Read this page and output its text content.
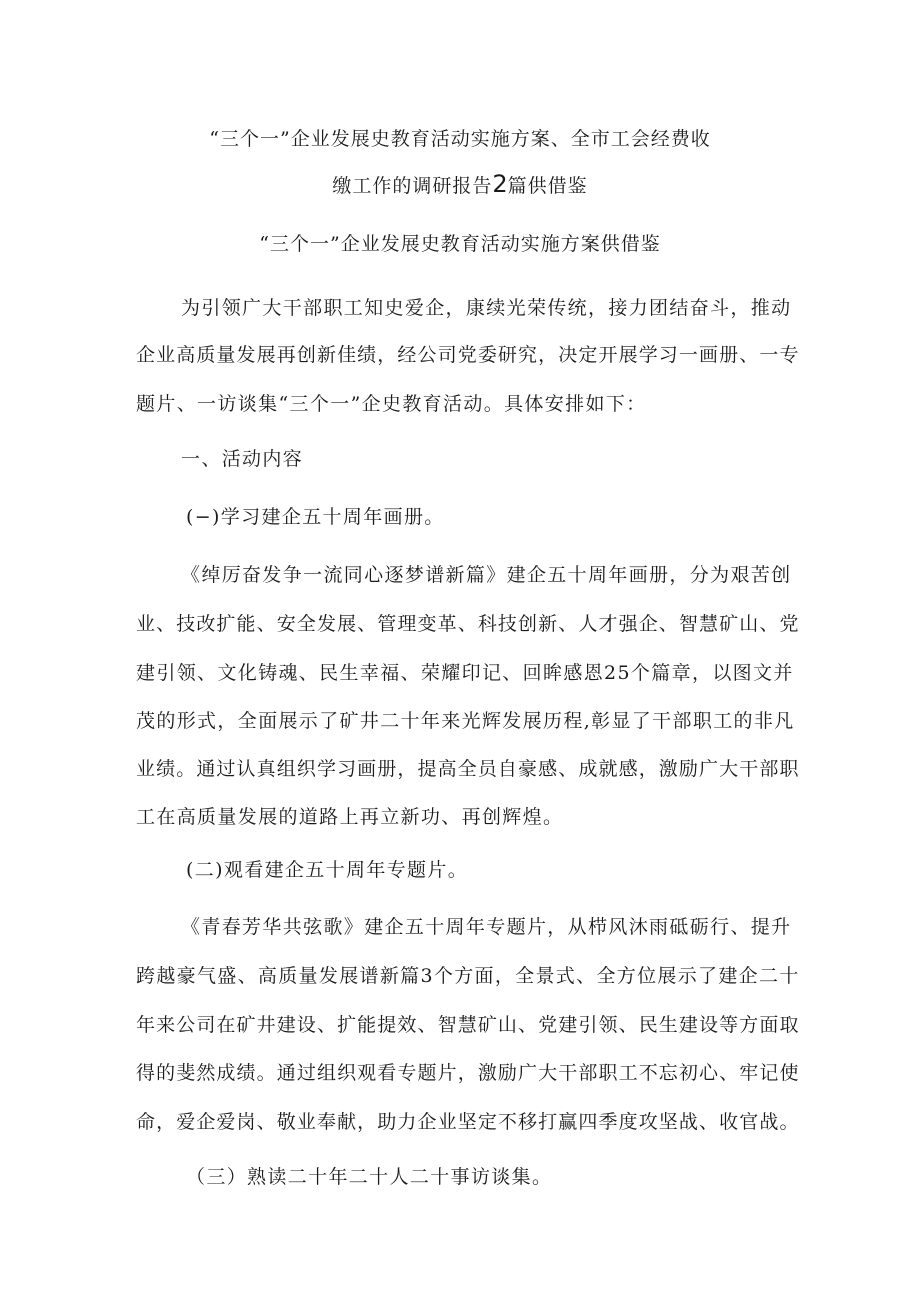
“三个一”企业发展史教育活动实施方案、全市工会经费收
缴工作的调研报告2篇供借鉴
“三个一”企业发展史教育活动实施方案供借鉴
为引领广大干部职工知史爱企，康续光荣传统，接力团结奋斗，推动
企业高质量发展再创新佳绩，经公司党委研究，决定开展学习一画册、一专
题片、一访谈集“三个一”企史教育活动。具体安排如下：
一、活动内容
(−)学习建企五十周年画册。
《绰厉奋发争一流同心逐梦谱新篇》建企五十周年画册，分为艰苦创
业、技改扩能、安全发展、管理变革、科技创新、人才强企、智慧矿山、党
建引领、文化铸魂、民生幸福、荣耀印记、回眸感恩25个篇章，以图文并
茂的形式，全面展示了矿井二十年来光辉发展历程,彰显了干部职工的非凡
业绩。通过认真组织学习画册，提高全员自豪感、成就感，激励广大干部职
工在高质量发展的道路上再立新功、再创辉煌。
(二)观看建企五十周年专题片。
《青春芳华共弦歌》建企五十周年专题片，从栉风沐雨砥砺行、提升
跨越豪气盛、高质量发展谱新篇3个方面，全景式、全方位展示了建企二十
年来公司在矿井建设、扩能提效、智慧矿山、党建引领、民生建设等方面取
得的斐然成绩。通过组织观看专题片，激励广大干部职工不忘初心、牢记使
命，爱企爱岗、敬业奉献，助力企业坚定不移打赢四季度攻坚战、收官战。
（三）熟读二十年二十人二十事访谈集。
